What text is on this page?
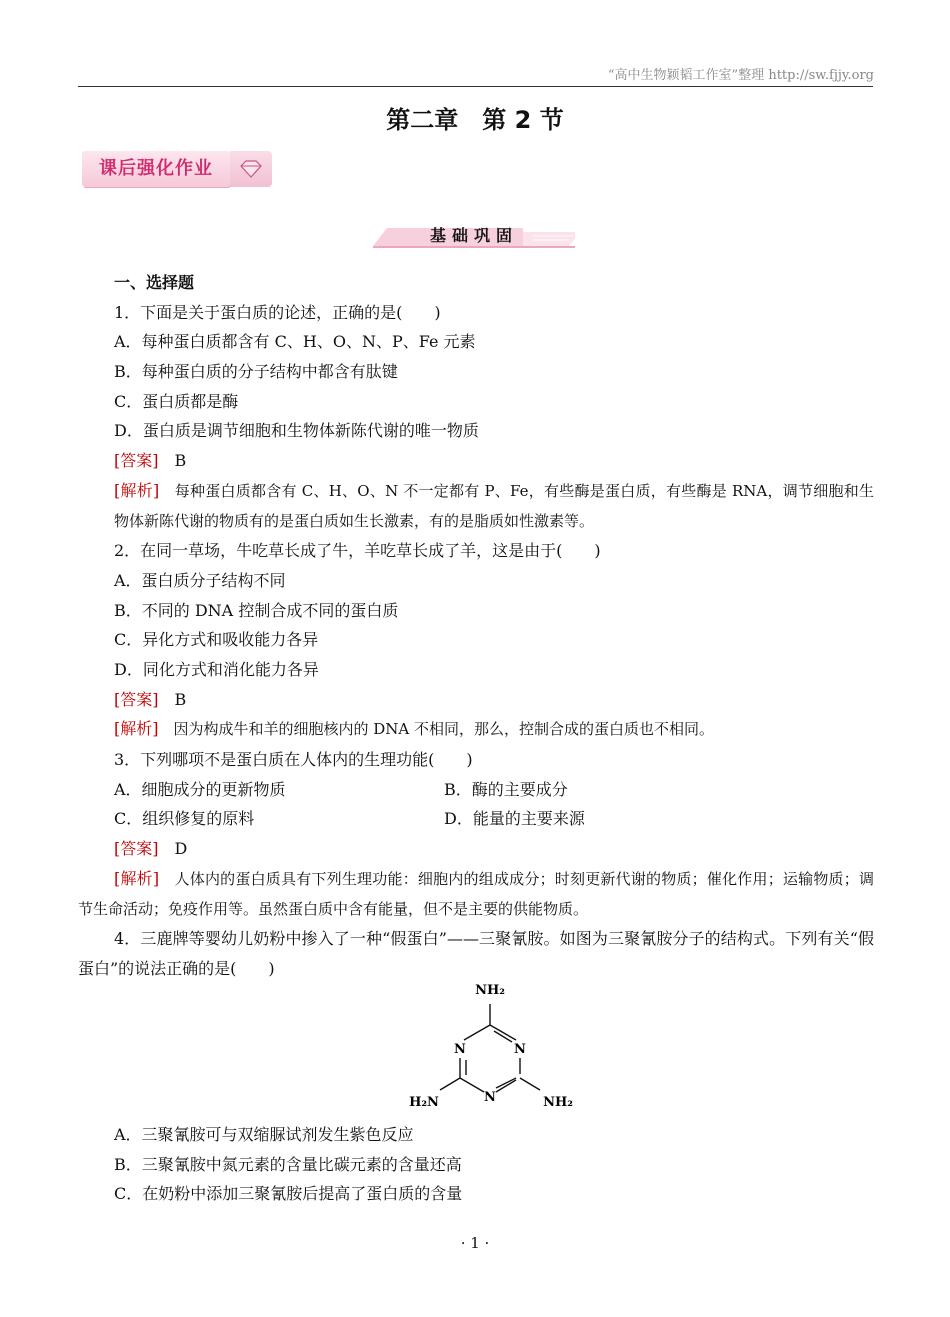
“高中生物颖韬工作室”整理 http://sw.fjjy.org
第二章　第 2 节
课后强化作业
基础巩固
一、选择题
1．下面是关于蛋白质的论述，正确的是(　　)
A．每种蛋白质都含有 C、H、O、N、P、Fe 元素
B．每种蛋白质的分子结构中都含有肽键
C．蛋白质都是酶
D．蛋白质是调节细胞和生物体新陈代谢的唯一物质
[答案]　 B
[解析]　 每种蛋白质都含有 C、H、O、N 不一定都有 P、Fe，有些酶是蛋白质，有些酶是 RNA，调节细胞和生物体新陈代谢的物质有的是蛋白质如生长激素，有的是脂质如性激素等。
2．在同一草场，牛吃草长成了牛，羊吃草长成了羊，这是由于(　　)
A．蛋白质分子结构不同
B．不同的 DNA 控制合成不同的蛋白质
C．异化方式和吸收能力各异
D．同化方式和消化能力各异
[答案]　 B
[解析]　 因为构成牛和羊的细胞核内的 DNA 不相同，那么，控制合成的蛋白质也不相同。
3．下列哪项不是蛋白质在人体内的生理功能(　　)
A．细胞成分的更新物质	B．酶的主要成分
C．组织修复的原料	D．能量的主要来源
[答案]　 D
[解析]　 人体内的蛋白质具有下列生理功能：细胞内的组成成分；时刻更新代谢的物质；催化作用；运输物质；调节生命活动；免疫作用等。虽然蛋白质中含有能量，但不是主要的供能物质。
4．三鹿牌等婴幼儿奶粉中掺入了一种“假蛋白”——三聚氰胺。如图为三聚氰胺分子的结构式。下列有关“假蛋白”的说法正确的是(　　)
NH₂
H₂N	NH₂
N	N
N
A．三聚氰胺可与双缩脲试剂发生紫色反应
B．三聚氰胺中氮元素的含量比碳元素的含量还高
C．在奶粉中添加三聚氰胺后提高了蛋白质的含量
· 1 ·
